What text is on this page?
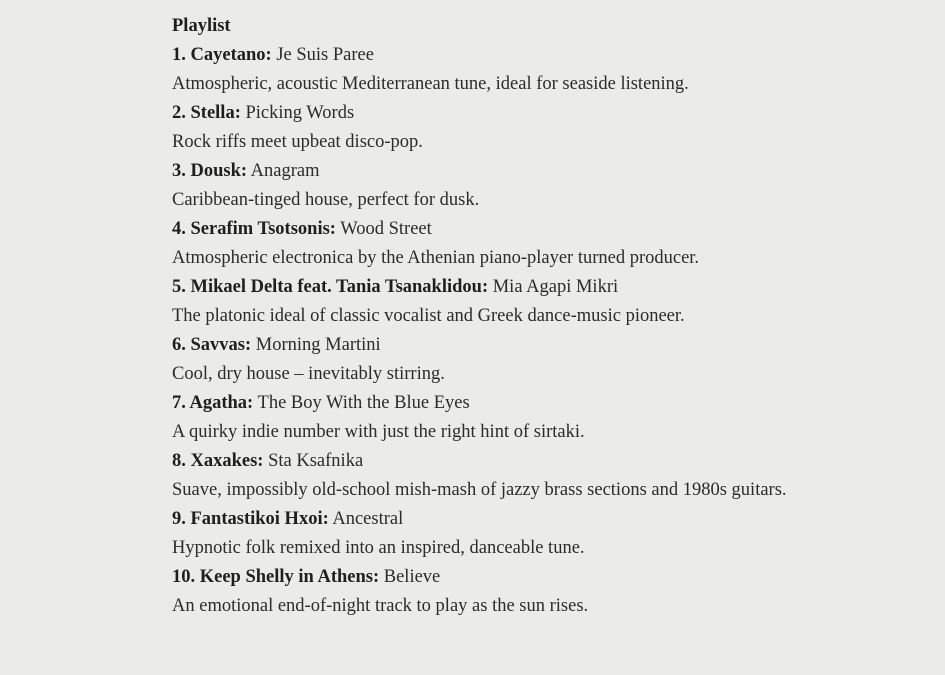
Playlist
1. Cayetano: Je Suis Paree
Atmospheric, acoustic Mediterranean tune, ideal for seaside listening.
2. Stella: Picking Words
Rock riffs meet upbeat disco-pop.
3. Dousk: Anagram
Caribbean-tinged house, perfect for dusk.
4. Serafim Tsotsonis: Wood Street
Atmospheric electronica by the Athenian piano-player turned producer.
5. Mikael Delta feat. Tania Tsanaklidou: Mia Agapi Mikri
The platonic ideal of classic vocalist and Greek dance-music pioneer.
6. Savvas: Morning Martini
Cool, dry house – inevitably stirring.
7. Agatha: The Boy With the Blue Eyes
A quirky indie number with just the right hint of sirtaki.
8. Xaxakes: Sta Ksafnika
Suave, impossibly old-school mish-mash of jazzy brass sections and 1980s guitars.
9. Fantastikoi Hxoi: Ancestral
Hypnotic folk remixed into an inspired, danceable tune.
10. Keep Shelly in Athens: Believe
An emotional end-of-night track to play as the sun rises.
